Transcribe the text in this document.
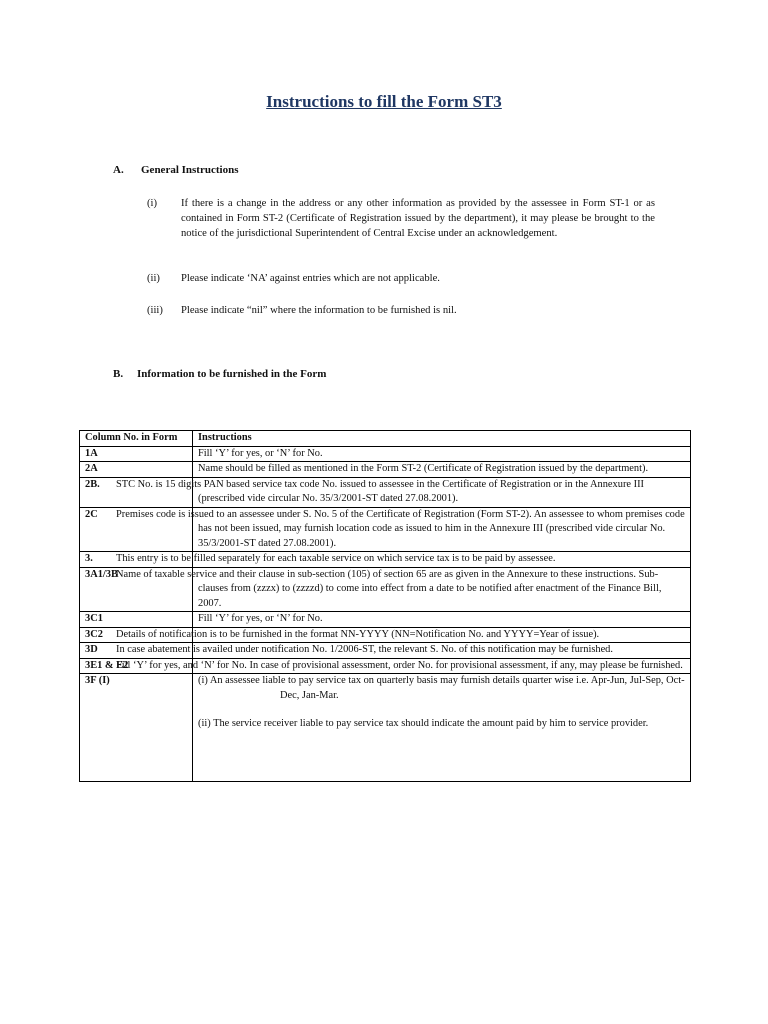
Instructions to fill the Form ST3
A. General Instructions
(i) If there is a change in the address or any other information as provided by the assessee in Form ST-1 or as contained in Form ST-2 (Certificate of Registration issued by the department), it may please be brought to the notice of the jurisdictional Superintendent of Central Excise under an acknowledgement.
(ii) Please indicate ‘NA’ against entries which are not applicable.
(iii) Please indicate “nil” where the information to be furnished is nil.
B. Information to be furnished in the Form
Column No. in Form	Instructions
1A	Fill ‘Y’ for yes, or ‘N’ for No.
2A	Name should be filled as mentioned in the Form ST-2 (Certificate of Registration issued by the department).
2B.	STC No. is 15 digits PAN based service tax code No. issued to assessee in the Certificate of Registration or in the Annexure III (prescribed vide circular No. 35/3/2001-ST dated 27.08.2001).
2C	Premises code is issued to an assessee under S. No. 5 of the Certificate of Registration (Form ST-2). An assessee to whom premises code has not been issued, may furnish location code as issued to him in the Annexure III (prescribed vide circular No. 35/3/2001-ST dated 27.08.2001).
3.	This entry is to be filled separately for each taxable service on which service tax is to be paid by assessee.
3A1/3B	Name of taxable service and their clause in sub-section (105) of section 65 are as given in the Annexure to these instructions. Sub-clauses from (zzzx) to (zzzzd) to come into effect from a date to be notified after enactment of the Finance Bill, 2007.
3C1	Fill ‘Y’ for yes, or ‘N’ for No.
3C2	Details of notification is to be furnished in the format NN-YYYY (NN=Notification No. and YYYY=Year of issue).
3D	In case abatement is availed under notification No. 1/2006-ST, the relevant S. No. of this notification may be furnished.
3E1 & E2	Fill ‘Y’ for yes, and ‘N’ for No. In case of provisional assessment, order No. for provisional assessment, if any, may please be furnished.
3F (I)	(i) An assessee liable to pay service tax on quarterly basis may furnish details quarter wise i.e. Apr-Jun, Jul-Sep, Oct-Dec, Jan-Mar.
(ii) The service receiver liable to pay service tax should indicate the amount paid by him to service provider.
